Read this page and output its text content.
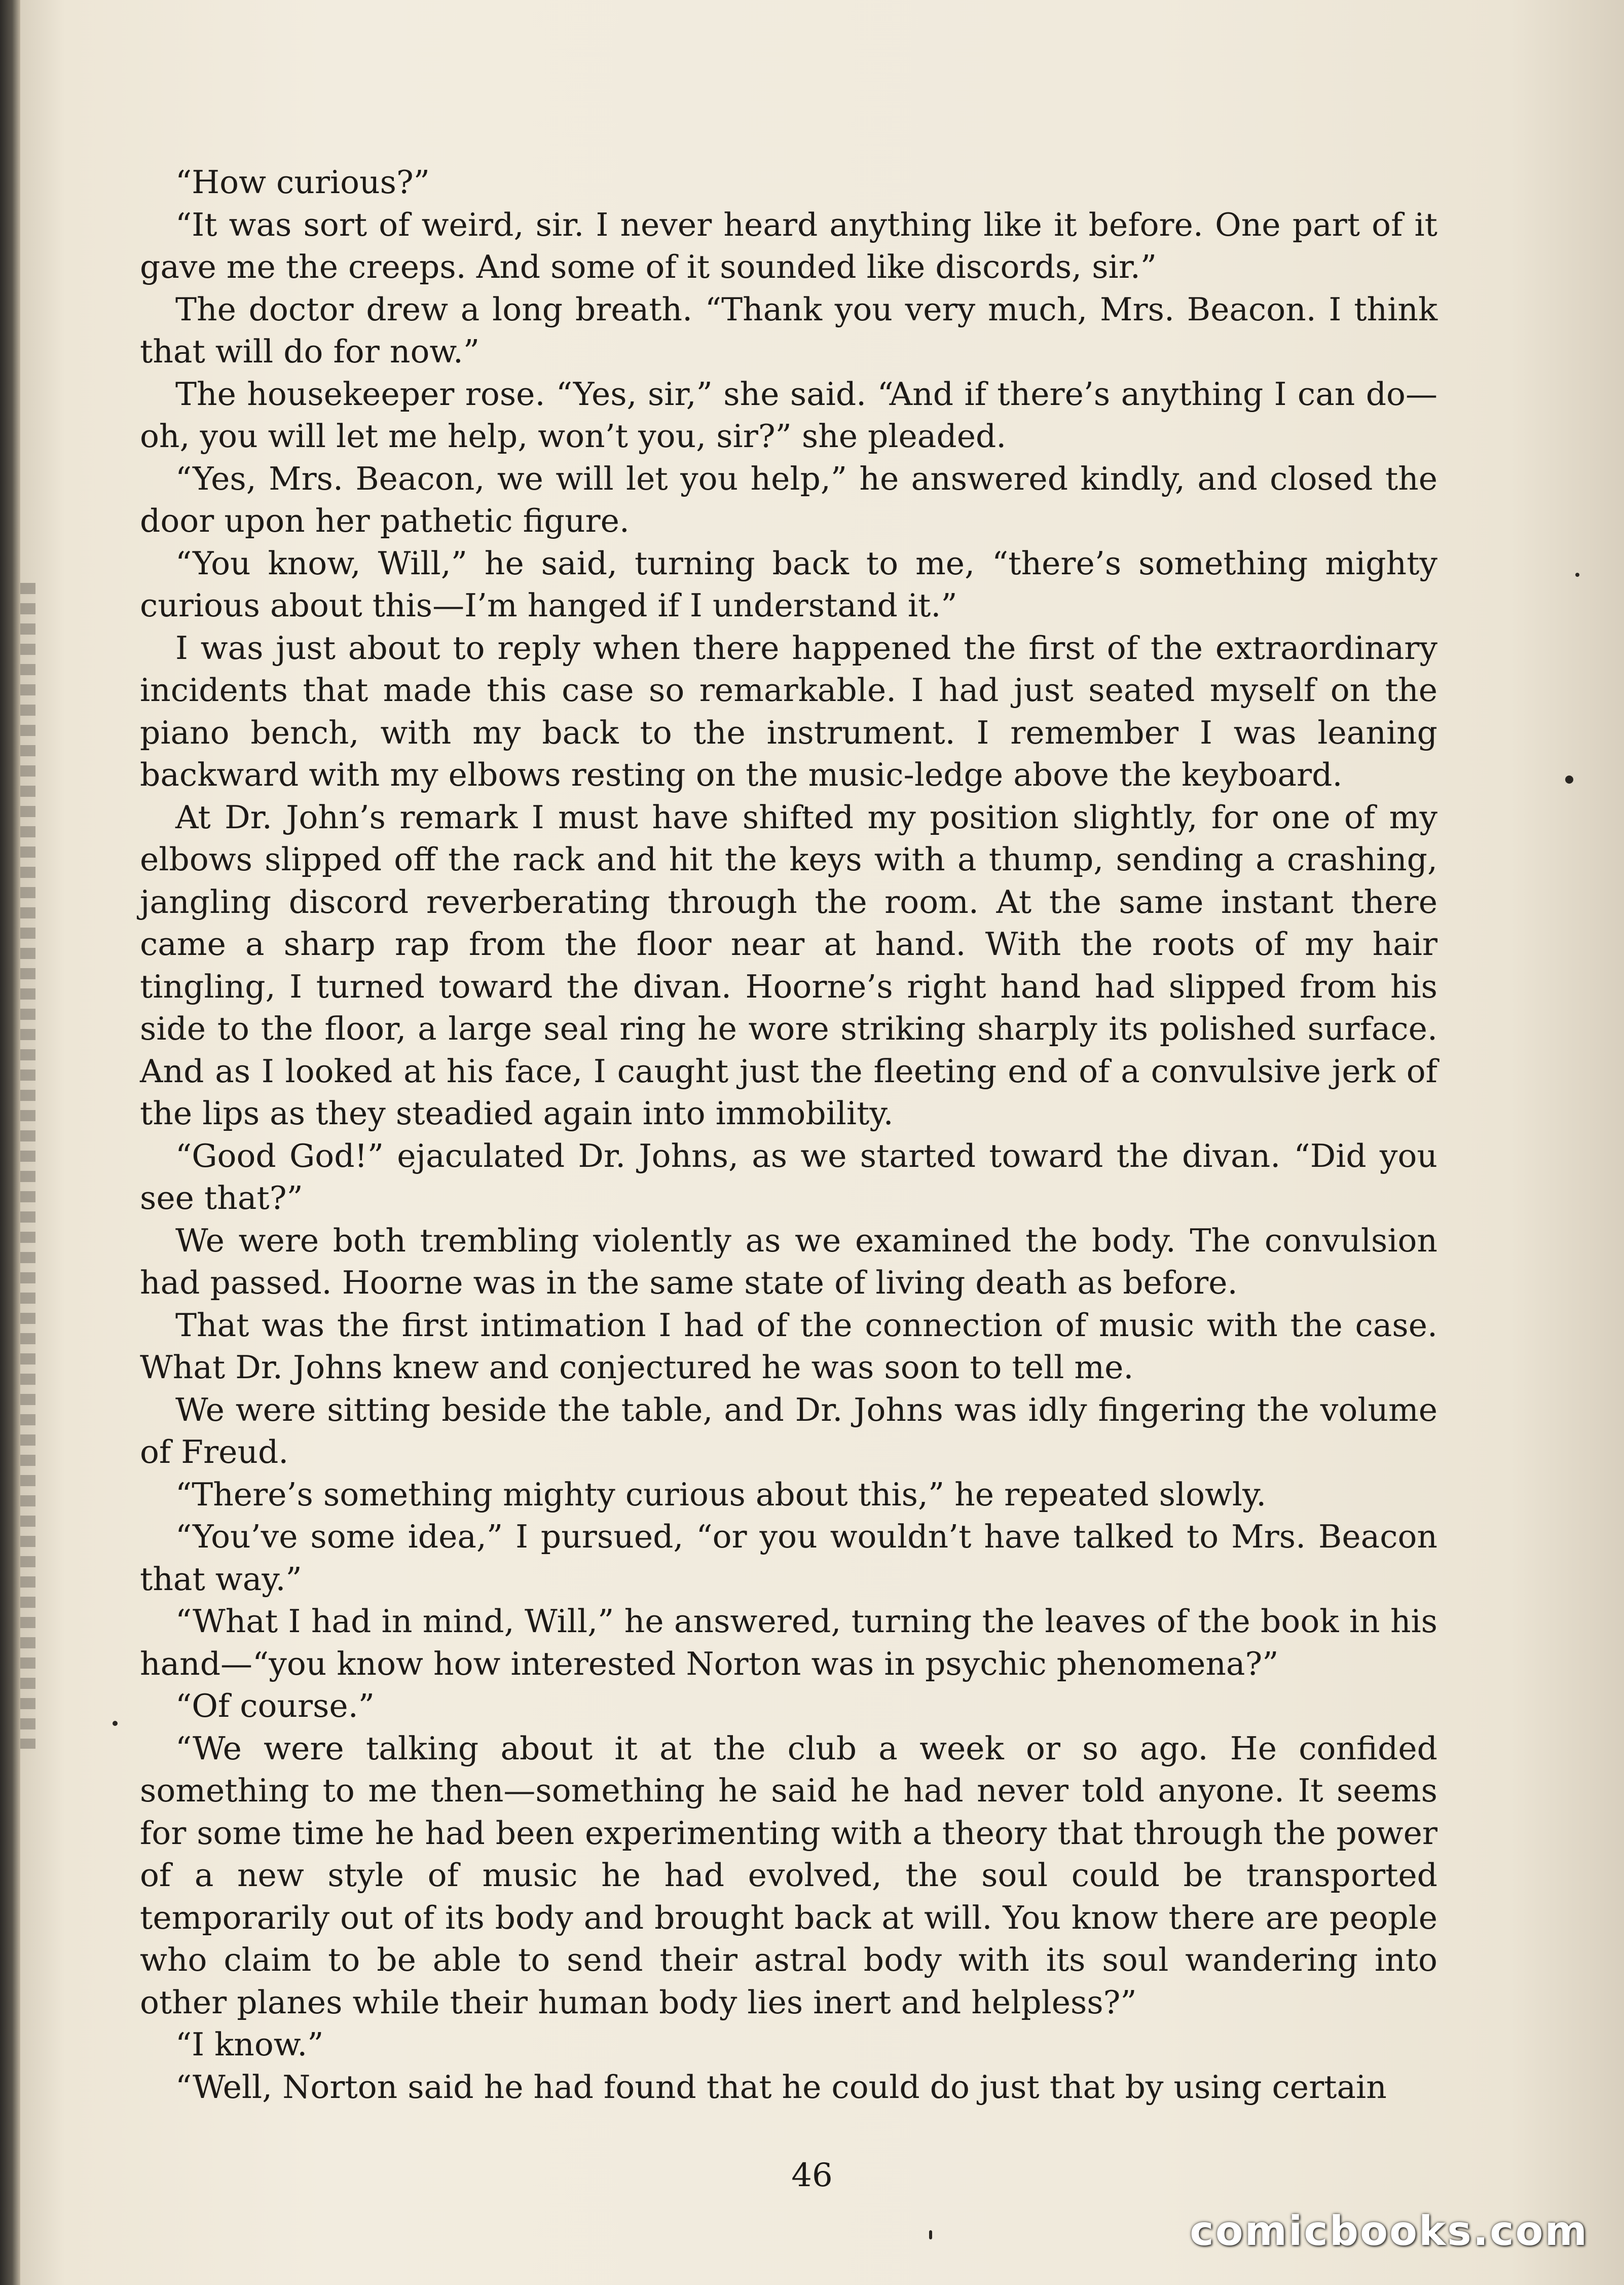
“How curious?”

“It was sort of weird, sir. I never heard anything like it before. One part of it gave me the creeps. And some of it sounded like discords, sir.”

The doctor drew a long breath. “Thank you very much, Mrs. Beacon. I think that will do for now.”

The housekeeper rose. “Yes, sir,” she said. “And if there’s anything I can do—oh, you will let me help, won’t you, sir?” she pleaded.

“Yes, Mrs. Beacon, we will let you help,” he answered kindly, and closed the door upon her pathetic figure.

“You know, Will,” he said, turning back to me, “there’s something mighty curious about this—I’m hanged if I understand it.”

I was just about to reply when there happened the first of the extraordinary incidents that made this case so remarkable. I had just seated myself on the piano bench, with my back to the instrument. I remember I was leaning backward with my elbows resting on the music-ledge above the keyboard.

At Dr. John’s remark I must have shifted my position slightly, for one of my elbows slipped off the rack and hit the keys with a thump, sending a crashing, jangling discord reverberating through the room. At the same instant there came a sharp rap from the floor near at hand. With the roots of my hair tingling, I turned toward the divan. Hoorne’s right hand had slipped from his side to the floor, a large seal ring he wore striking sharply its polished surface. And as I looked at his face, I caught just the fleeting end of a convulsive jerk of the lips as they steadied again into immobility.

“Good God!” ejaculated Dr. Johns, as we started toward the divan. “Did you see that?”

We were both trembling violently as we examined the body. The convulsion had passed. Hoorne was in the same state of living death as before.

That was the first intimation I had of the connection of music with the case. What Dr. Johns knew and conjectured he was soon to tell me.

We were sitting beside the table, and Dr. Johns was idly fingering the volume of Freud.

“There’s something mighty curious about this,” he repeated slowly.

“You’ve some idea,” I pursued, “or you wouldn’t have talked to Mrs. Beacon that way.”

“What I had in mind, Will,” he answered, turning the leaves of the book in his hand—“you know how interested Norton was in psychic phenomena?”

“Of course.”

“We were talking about it at the club a week or so ago. He confided something to me then—something he said he had never told anyone. It seems for some time he had been experimenting with a theory that through the power of a new style of music he had evolved, the soul could be transported temporarily out of its body and brought back at will. You know there are people who claim to be able to send their astral body with its soul wandering into other planes while their human body lies inert and helpless?”

“I know.”

“Well, Norton said he had found that he could do just that by using certain

46
comicbooks.com
